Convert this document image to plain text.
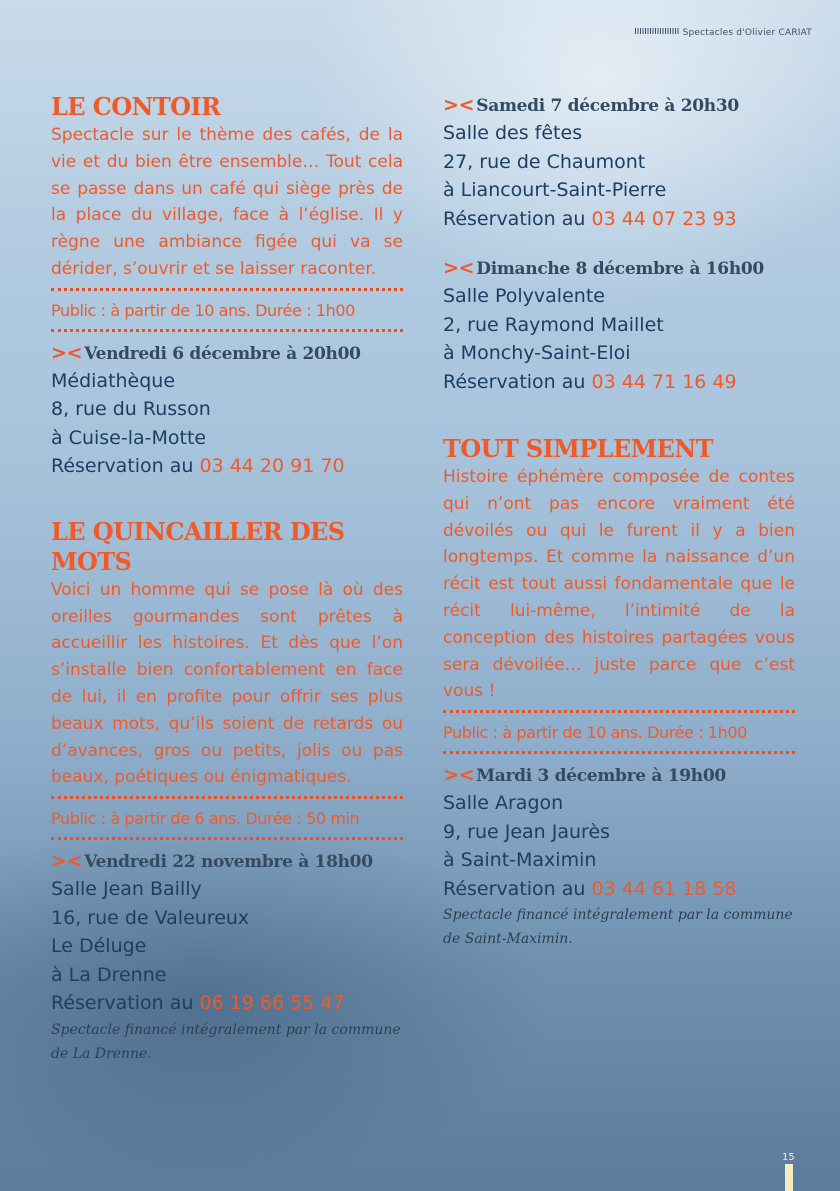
Spectacles d'Olivier CARIAT
LE CONTOIR

Spectacle sur le thème des cafés, de la vie et du bien être ensemble… Tout cela se passe dans un café qui siège près de la place du village, face à l’église. Il y règne une ambiance figée qui va se dérider, s’ouvrir et se laisser raconter.

Public : à partir de 10 ans. Durée : 1h00

>< Vendredi 6 décembre à 20h00

Médiathèque

8, rue du Russon

à Cuise-la-Motte

Réservation au 03 44 20 91 70

LE QUINCAILLER DES MOTS

Voici un homme qui se pose là où des oreilles gourmandes sont prêtes à accueillir les histoires. Et dès que l’on s’installe bien confortablement en face de lui, il en profite pour offrir ses plus beaux mots, qu’ils soient de retards ou d’avances, gros ou petits, jolis ou pas beaux, poétiques ou énigmatiques.

Public : à partir de 6 ans. Durée : 50 min

>< Vendredi 22 novembre à 18h00

Salle Jean Bailly

16, rue de Valeureux

Le Déluge

à La Drenne

Réservation au 06 19 66 55 47

Spectacle financé intégralement par la commune de La Drenne.

>< Samedi 7 décembre à 20h30

Salle des fêtes

27, rue de Chaumont

à Liancourt-Saint-Pierre

Réservation au 03 44 07 23 93

>< Dimanche 8 décembre à 16h00

Salle Polyvalente

2, rue Raymond Maillet

à Monchy-Saint-Eloi

Réservation au 03 44 71 16 49

TOUT SIMPLEMENT

Histoire éphémère composée de contes qui n’ont pas encore vraiment été dévoilés ou qui le furent il y a bien longtemps. Et comme la naissance d’un récit est tout aussi fondamentale que le récit lui-même, l’intimité de la conception des histoires partagées vous sera dévoilée… juste parce que c’est vous !

Public : à partir de 10 ans. Durée : 1h00

>< Mardi 3 décembre à 19h00

Salle Aragon

9, rue Jean Jaurès

à Saint-Maximin

Réservation au 03 44 61 18 58

Spectacle financé intégralement par la commune de Saint-Maximin.

15
